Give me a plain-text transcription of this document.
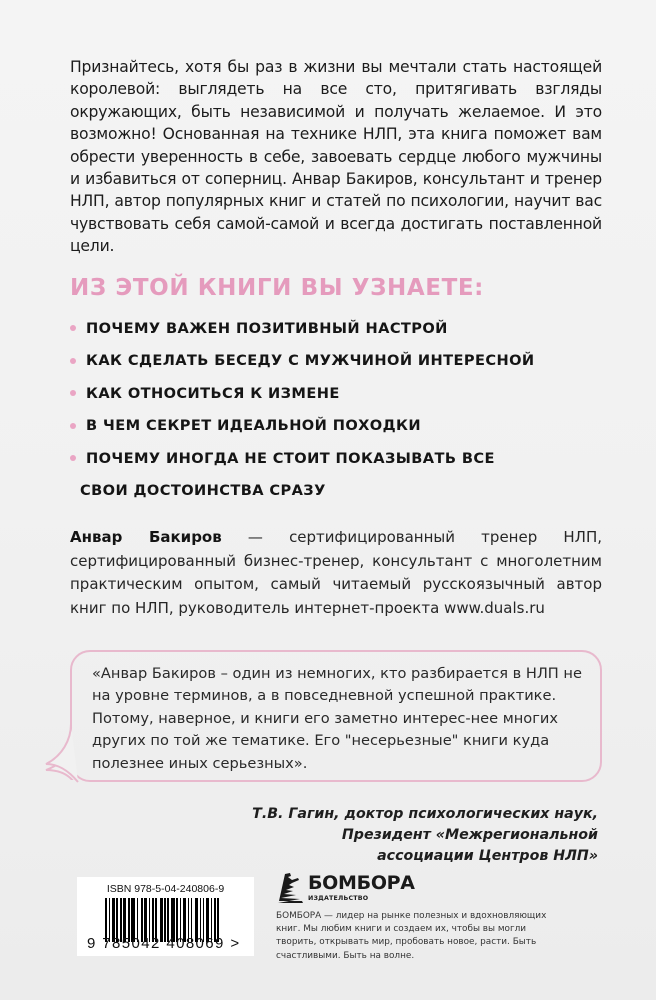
Признайтесь, хотя бы раз в жизни вы мечтали стать настоящей королевой: выглядеть на все сто, притягивать взгляды окружающих, быть независимой и получать желаемое. И это возможно! Основанная на технике НЛП, эта книга поможет вам обрести уверенность в себе, завоевать сердце любого мужчины и избавиться от соперниц. Анвар Бакиров, консультант и тренер НЛП, автор популярных книг и статей по психологии, научит вас чувствовать себя самой-самой и всегда достигать поставленной цели.

ИЗ ЭТОЙ КНИГИ ВЫ УЗНАЕТЕ:
ПОЧЕМУ ВАЖЕН ПОЗИТИВНЫЙ НАСТРОЙ
КАК СДЕЛАТЬ БЕСЕДУ С МУЖЧИНОЙ ИНТЕРЕСНОЙ
КАК ОТНОСИТЬСЯ К ИЗМЕНЕ
В ЧЕМ СЕКРЕТ ИДЕАЛЬНОЙ ПОХОДКИ
ПОЧЕМУ ИНОГДА НЕ СТОИТ ПОКАЗЫВАТЬ ВСЕ
СВОИ ДОСТОИНСТВА СРАЗУ

Анвар Бакиров — сертифицированный тренер НЛП, сертифицированный бизнес-тренер, консультант с многолетним практическим опытом, самый читаемый русскоязычный автор книг по НЛП, руководитель интернет-проекта www.duals.ru

«Анвар Бакиров – один из немногих, кто разбирается в НЛП не на уровне терминов, а в повседневной успешной практике. Потому, наверное, и книги его заметно интерес-нее многих других по той же тематике. Его "несерьезные" книги куда полезнее иных серьезных».

Т.В. Гагин, доктор психологических наук,
Президент «Межрегиональной
ассоциации Центров НЛП»
ISBN 978-5-04-240806-9
9 785042 408069 >
БОМБОРА
ИЗДАТЕЛЬСТВО
БОМБОРА — лидер на рынке полезных и вдохновляющих книг. Мы любим книги и создаем их, чтобы вы могли творить, открывать мир, пробовать новое, расти. Быть счастливыми. Быть на волне.
